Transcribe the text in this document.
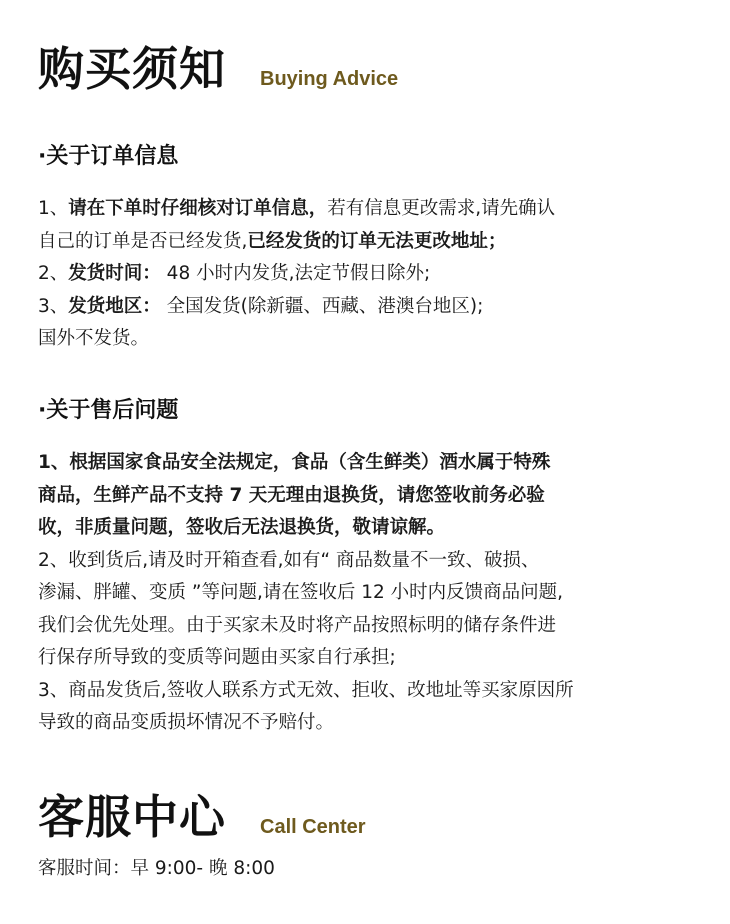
购买须知 Buying Advice
·关于订单信息

1、请在下单时仔细核对订单信息，若有信息更改需求,请先确认

自己的订单是否已经发货,已经发货的订单无法更改地址；

2、发货时间： 48 小时内发货,法定节假日除外;

3、发货地区： 全国发货(除新疆、西藏、港澳台地区);

国外不发货。

·关于售后问题

1、根据国家食品安全法规定，食品（含生鲜类）酒水属于特殊

商品，生鲜产品不支持 7 天无理由退换货，请您签收前务必验

收，非质量问题，签收后无法退换货，敬请谅解。

2、收到货后,请及时开箱查看,如有“ 商品数量不一致、破损、

渗漏、胖罐、变质 ”等问题,请在签收后 12 小时内反馈商品问题,

我们会优先处理。由于买家未及时将产品按照标明的储存条件进

行保存所导致的变质等问题由买家自行承担;

3、商品发货后,签收人联系方式无效、拒收、改地址等买家原因所

导致的商品变质损坏情况不予赔付。

客服中心 Call Center

客服时间：早 9:00- 晚 8:00
